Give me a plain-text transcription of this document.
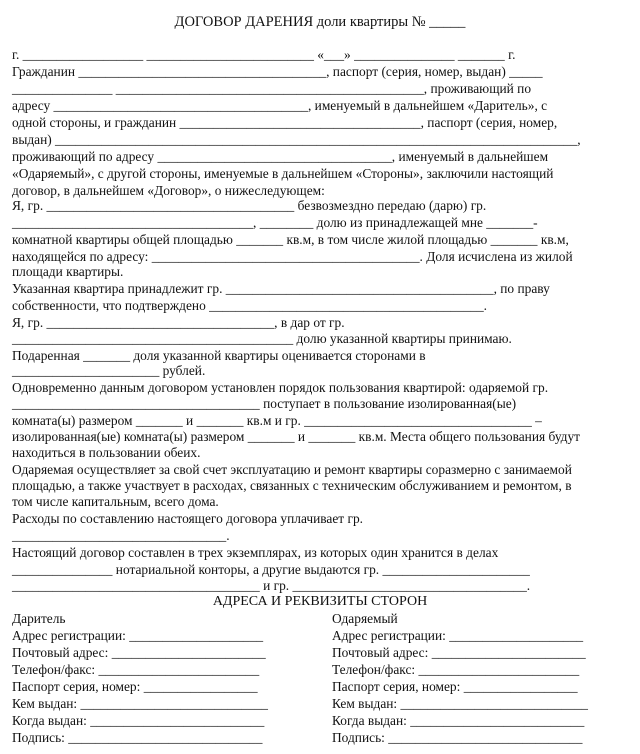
ДОГОВОР ДАРЕНИЯ доли квартиры № _____
г. __________________ _________________________ «___» _______________ _______ г.
Гражданин _____________________________________, паспорт (серия, номер, выдан) _____
_______________ ______________________________________________, проживающий по
адресу ______________________________________, именуемый в дальнейшем «Даритель», с
одной стороны, и гражданин ____________________________________, паспорт (серия, номер,
выдан) ______________________________________________________________________________,
проживающий по адресу ___________________________________, именуемый в дальнейшем
«Одаряемый», с другой стороны, именуемые в дальнейшем «Стороны», заключили настоящий
договор, в дальнейшем «Договор», о нижеследующем:
Я, гр. _____________________________________ безвозмездно передаю (дарю) гр.
____________________________________, ________ долю из принадлежащей мне _______-
комнатной квартиры общей площадью _______ кв.м, в том числе жилой площадью _______ кв.м,
находящейся по адресу: ________________________________________. Доля исчислена из жилой
площади квартиры.
Указанная квартира принадлежит гр. ________________________________________, по праву
собственности, что подтверждено _________________________________________.
Я, гр. __________________________________, в дар от гр.
__________________________________________ долю указанной квартиры принимаю.
Подаренная _______ доля указанной квартиры оценивается сторонами в
______________________ рублей.
Одновременно данным договором установлен порядок пользования квартирой: одаряемой гр.
_____________________________________ поступает в пользование изолированная(ые)
комната(ы) размером _______ и _______ кв.м и гр. __________________________________ –
изолированная(ые) комната(ы) размером _______ и _______ кв.м. Места общего пользования будут
находиться в пользовании обеих.
Одаряемая осуществляет за свой счет эксплуатацию и ремонт квартиры соразмерно с занимаемой
площадью, а также участвует в расходах, связанных с техническим обслуживанием и ремонтом, в
том числе капитальным, всего дома.
Расходы по составлению настоящего договора уплачивает гр.
________________________________.
Настоящий договор составлен в трех экземплярах, из которых один хранится в делах
_______________ нотариальной конторы, а другие выдаются гр. ______________________
_____________________________________ и гр. ___________________________________.
АДРЕСА И РЕКВИЗИТЫ СТОРОН
Даритель
Адрес регистрации: ____________________
Почтовый адрес: _______________________
Телефон/факс: ________________________
Паспорт серия, номер: _________________
Кем выдан: ____________________________
Когда выдан: __________________________
Подпись: _____________________________
Одаряемый
Адрес регистрации: ____________________
Почтовый адрес: _______________________
Телефон/факс: ________________________
Паспорт серия, номер: _________________
Кем выдан: ____________________________
Когда выдан: __________________________
Подпись: _____________________________
